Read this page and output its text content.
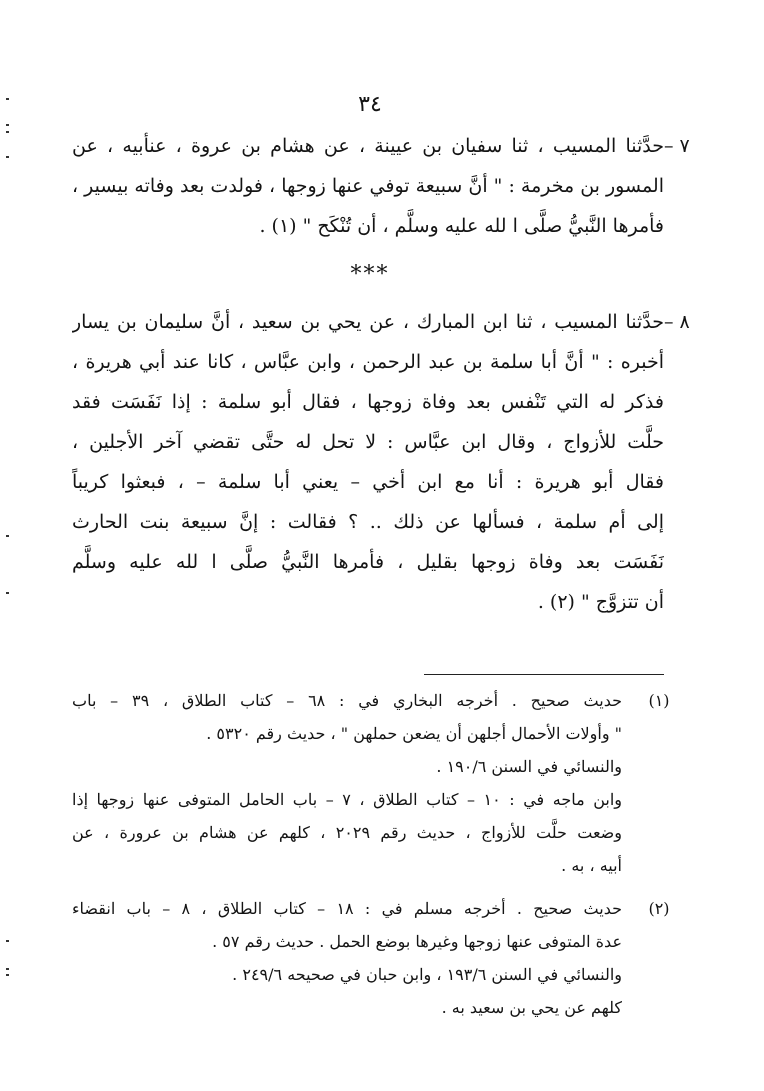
٣٤
٧ –
حدَّثنا المسيب ، ثنا سفيان بن عيينة ، عن هشام بن عروة ، عنأبيه ، عن
المسور بن مخرمة : " أنَّ سبيعة توفي عنها زوجها ، فولدت بعد وفاته بيسير ،
فأمرها النَّبيُّ صلَّى ا لله عليه وسلَّم ، أن تُنْكَح " (١) .
***
٨ –
حدَّثنا المسيب ، ثنا ابن المبارك ، عن يحي بن سعيد ، أنَّ سليمان بن يسار
أخبره : " أنَّ أبا سلمة بن عبد الرحمن ، وابن عبَّاس ، كانا عند أبي هريرة ،
فذكر له التي تَنْفس بعد وفاة زوجها ، فقال أبو سلمة : إذا نَفَسَت فقد
حلَّت للأزواج ، وقال ابن عبَّاس : لا تحل له حتَّى تقضي آخر الأجلين ،
فقال أبو هريرة : أنا مع ابن أخي – يعني أبا سلمة – ، فبعثوا كريباً
إلى أم سلمة ، فسألها عن ذلك .. ؟ فقالت : إنَّ سبيعة بنت الحارث
نَفَسَت بعد وفاة زوجها بقليل ، فأمرها النَّبيُّ صلَّى ا لله عليه وسلَّم
أن تتزوَّج " (٢) .
(١)
حديث صحيح . أخرجه البخاري في : ٦٨ – كتاب الطلاق ، ٣٩ – باب
" وأولات الأحمال أجلهن أن يضعن حملهن " ، حديث رقم ٥٣٢٠ .
والنسائي في السنن ١٩٠/٦ .
وابن ماجه في : ١٠ – كتاب الطلاق ، ٧ – باب الحامل المتوفى عنها زوجها إذا
وضعت حلَّت للأزواج ، حديث رقم ٢٠٢٩ ، كلهم عن هشام بن عرورة ، عن
أبيه ، به .
(٢)
حديث صحيح . أخرجه مسلم في : ١٨ – كتاب الطلاق ، ٨ – باب انقضاء
عدة المتوفى عنها زوجها وغيرها بوضع الحمل . حديث رقم ٥٧ .
والنسائي في السنن ١٩٣/٦ ، وابن حبان في صحيحه ٢٤٩/٦ .
كلهم عن يحي بن سعيد به .
